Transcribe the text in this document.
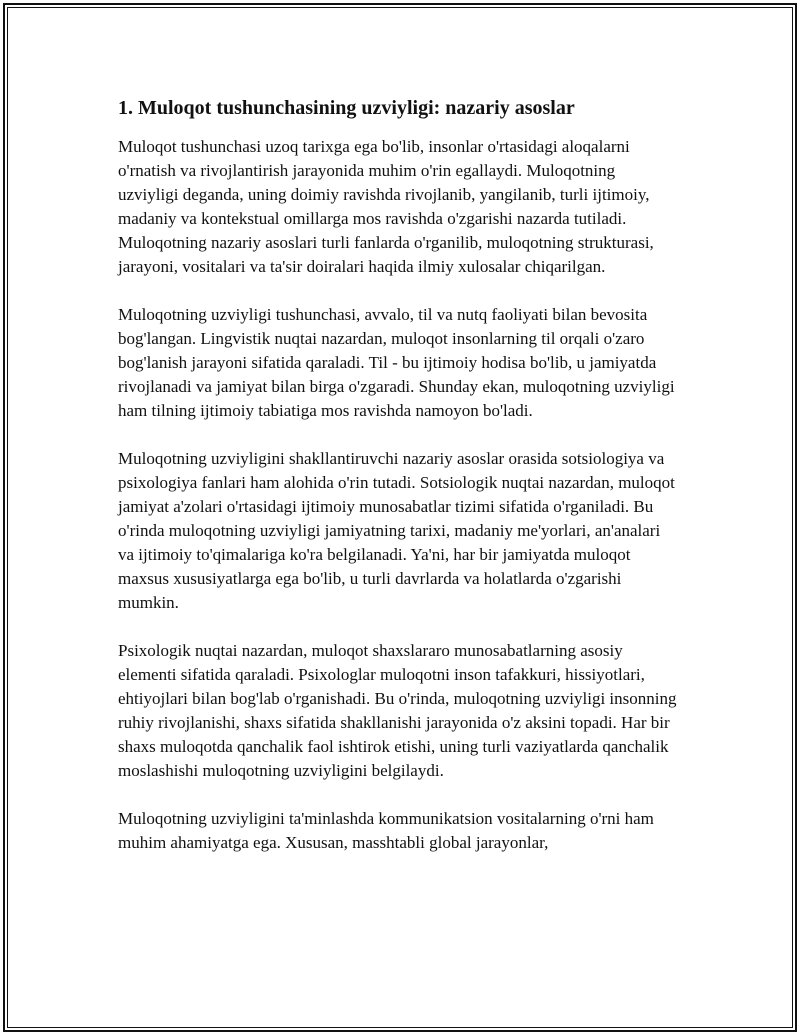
1. Muloqot tushunchasining uzviyligi: nazariy asoslar

Muloqot tushunchasi uzoq tarixga ega bo'lib, insonlar o'rtasidagi aloqalarni o'rnatish va rivojlantirish jarayonida muhim o'rin egallaydi. Muloqotning uzviyligi deganda, uning doimiy ravishda rivojlanib, yangilanib, turli ijtimoiy, madaniy va kontekstual omillarga mos ravishda o'zgarishi nazarda tutiladi. Muloqotning nazariy asoslari turli fanlarda o'rganilib, muloqotning strukturasi, jarayoni, vositalari va ta'sir doiralari haqida ilmiy xulosalar chiqarilgan.

Muloqotning uzviyligi tushunchasi, avvalo, til va nutq faoliyati bilan bevosita bog'langan. Lingvistik nuqtai nazardan, muloqot insonlarning til orqali o'zaro bog'lanish jarayoni sifatida qaraladi. Til - bu ijtimoiy hodisa bo'lib, u jamiyatda rivojlanadi va jamiyat bilan birga o'zgaradi. Shunday ekan, muloqotning uzviyligi ham tilning ijtimoiy tabiatiga mos ravishda namoyon bo'ladi.

Muloqotning uzviyligini shakllantiruvchi nazariy asoslar orasida sotsiologiya va psixologiya fanlari ham alohida o'rin tutadi. Sotsiologik nuqtai nazardan, muloqot jamiyat a'zolari o'rtasidagi ijtimoiy munosabatlar tizimi sifatida o'rganiladi. Bu o'rinda muloqotning uzviyligi jamiyatning tarixi, madaniy me'yorlari, an'analari va ijtimoiy to'qimalariga ko'ra belgilanadi. Ya'ni, har bir jamiyatda muloqot maxsus xususiyatlarga ega bo'lib, u turli davrlarda va holatlarda o'zgarishi mumkin.

Psixologik nuqtai nazardan, muloqot shaxslararo munosabatlarning asosiy elementi sifatida qaraladi. Psixologlar muloqotni inson tafakkuri, hissiyotlari, ehtiyojlari bilan bog'lab o'rganishadi. Bu o'rinda, muloqotning uzviyligi insonning ruhiy rivojlanishi, shaxs sifatida shakllanishi jarayonida o'z aksini topadi. Har bir shaxs muloqotda qanchalik faol ishtirok etishi, uning turli vaziyatlarda qanchalik moslashishi muloqotning uzviyligini belgilaydi.

Muloqotning uzviyligini ta'minlashda kommunikatsion vositalarning o'rni ham muhim ahamiyatga ega. Xususan, masshtabli global jarayonlar,
